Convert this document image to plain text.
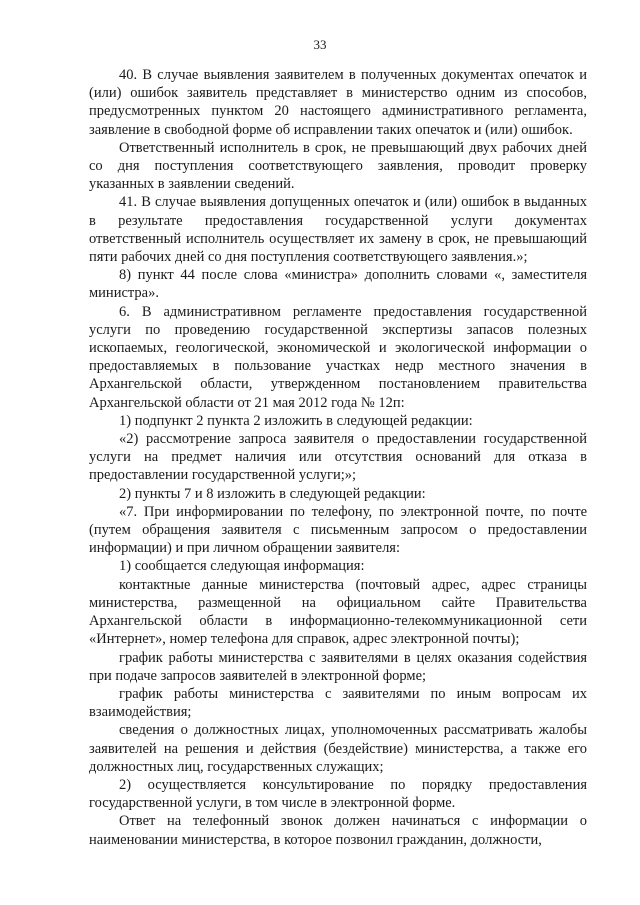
33

40. В случае выявления заявителем в полученных документах опечаток и (или) ошибок заявитель представляет в министерство одним из способов, предусмотренных пунктом 20 настоящего административного регламента, заявление в свободной форме об исправлении таких опечаток и (или) ошибок.

Ответственный исполнитель в срок, не превышающий двух рабочих дней со дня поступления соответствующего заявления, проводит проверку указанных в заявлении сведений.

41. В случае выявления допущенных опечаток и (или) ошибок в выданных в результате предоставления государственной услуги документах ответственный исполнитель осуществляет их замену в срок, не превышающий пяти рабочих дней со дня поступления соответствующего заявления.»;

8) пункт 44 после слова «министра» дополнить словами «, заместителя министра».

6. В административном регламенте предоставления государственной услуги по проведению государственной экспертизы запасов полезных ископаемых, геологической, экономической и экологической информации о предоставляемых в пользование участках недр местного значения в Архангельской области, утвержденном постановлением правительства Архангельской области от 21 мая 2012 года № 12п:

1) подпункт 2 пункта 2 изложить в следующей редакции:

«2) рассмотрение запроса заявителя о предоставлении государственной услуги на предмет наличия или отсутствия оснований для отказа в предоставлении государственной услуги;»;

2) пункты 7 и 8 изложить в следующей редакции:

«7. При информировании по телефону, по электронной почте, по почте (путем обращения заявителя с письменным запросом о предоставлении информации) и при личном обращении заявителя:

1) сообщается следующая информация:

контактные данные министерства (почтовый адрес, адрес страницы министерства, размещенной на официальном сайте Правительства Архангельской области в информационно-телекоммуникационной сети «Интернет», номер телефона для справок, адрес электронной почты);

график работы министерства с заявителями в целях оказания содействия при подаче запросов заявителей в электронной форме;

график работы министерства с заявителями по иным вопросам их взаимодействия;

сведения о должностных лицах, уполномоченных рассматривать жалобы заявителей на решения и действия (бездействие) министерства, а также его должностных лиц, государственных служащих;

2) осуществляется консультирование по порядку предоставления государственной услуги, в том числе в электронной форме.

Ответ на телефонный звонок должен начинаться с информации о наименовании министерства, в которое позвонил гражданин, должности,
